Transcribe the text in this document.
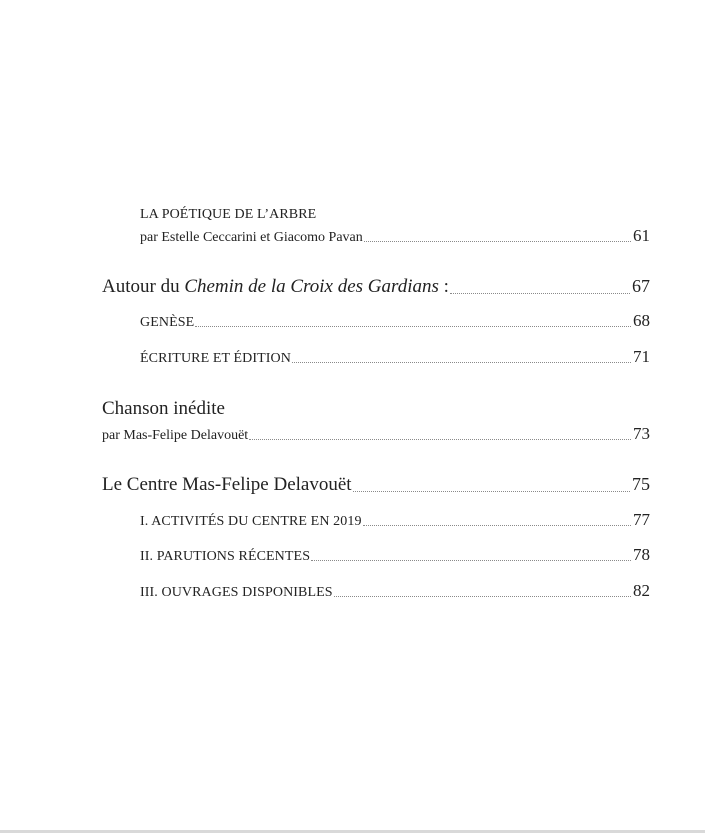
LA POÉTIQUE DE L’ARBRE
par Estelle Ceccarini et Giacomo Pavan	61
Autour du Chemin de la Croix des Gardians :	67
GENÈSE	68
ÉCRITURE ET ÉDITION	71
Chanson inédite
par Mas-Felipe Delavouët	73
Le Centre Mas-Felipe Delavouët	75
I. ACTIVITÉS DU CENTRE EN 2019	77
II. PARUTIONS RÉCENTES	78
III. OUVRAGES DISPONIBLES	82
